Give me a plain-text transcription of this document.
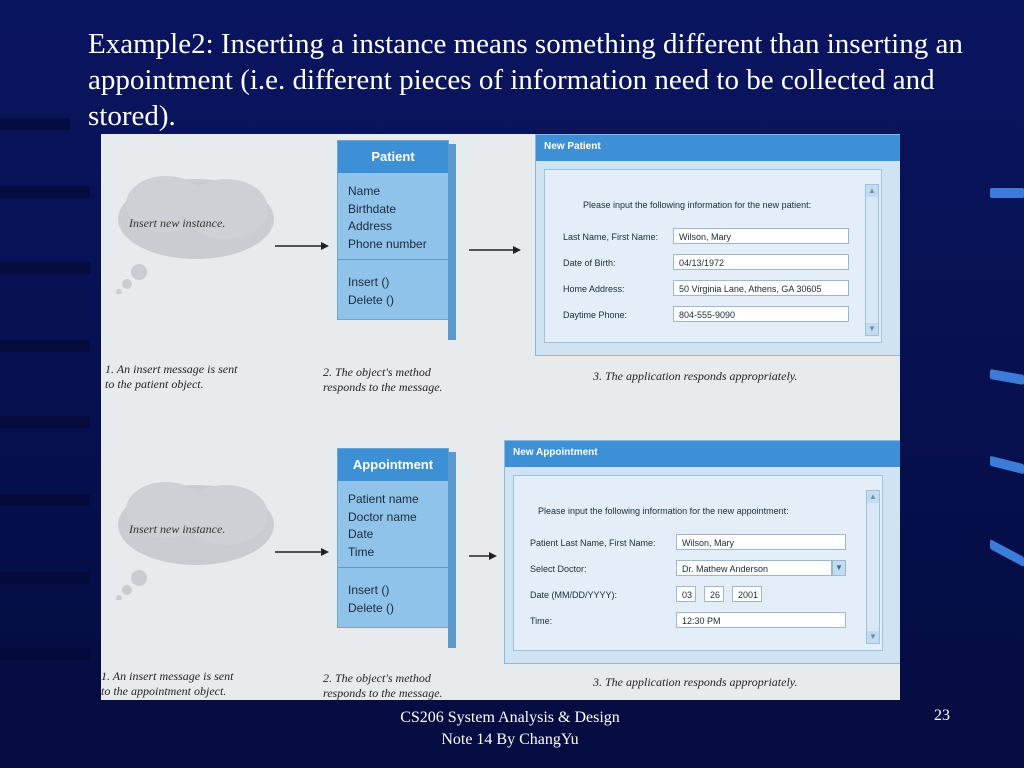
Example2: Inserting a instance means something different than inserting an appointment (i.e. different pieces of information need to be collected and stored).
Insert new instance.
Patient
Name
Birthdate
Address
Phone number
Insert ()
Delete ()
New Patient
Please input the following information for the new patient:
Last Name, First Name:	Wilson, Mary
Date of Birth:	04/13/1972
Home Address:	50 Virginia Lane, Athens, GA 30605
Daytime Phone:	804-555-9090
▲
▼
1. An insert message is sent
to the patient object.
2. The object's method
responds to the message.
3. The application responds appropriately.
Insert new instance.
Appointment
Patient name
Doctor name
Date
Time
Insert ()
Delete ()
New Appointment
Please input the following information for the new appointment:
Patient Last Name, First Name:	Wilson, Mary
Select Doctor:	Dr. Mathew Anderson	▼
Date (MM/DD/YYYY):	03	26	2001
Time:	12:30 PM
▲
▼
1. An insert message is sent
to the appointment object.
2. The object's method
responds to the message.
3. The application responds appropriately.
CS206 System Analysis & Design
Note 14 By ChangYu
23
